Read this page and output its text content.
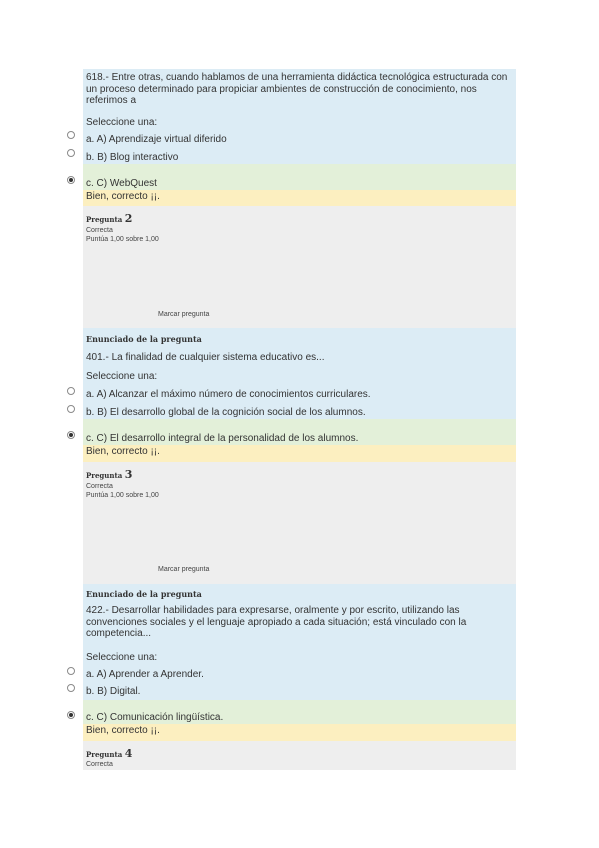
618.- Entre otras, cuando hablamos de una herramienta didáctica tecnológica estructurada con un proceso determinado para propiciar ambientes de construcción de conocimiento, nos referimos a

Seleccione una:
a. A) Aprendizaje virtual diferido
b. B) Blog interactivo
c. C) WebQuest
Bien, correcto ¡¡.
Pregunta 2
Correcta
Puntúa 1,00 sobre 1,00
Marcar pregunta
Enunciado de la pregunta
401.- La finalidad de cualquier sistema educativo es...
Seleccione una:
a. A) Alcanzar el máximo número de conocimientos curriculares.
b. B) El desarrollo global de la cognición social de los alumnos.
c. C) El desarrollo integral de la personalidad de los alumnos.
Bien, correcto ¡¡.
Pregunta 3
Correcta
Puntúa 1,00 sobre 1,00
Marcar pregunta
Enunciado de la pregunta

422.- Desarrollar habilidades para expresarse, oralmente y por escrito, utilizando las convenciones sociales y el lenguaje apropiado a cada situación; está vinculado con la competencia...

Seleccione una:
a. A) Aprender a Aprender.
b. B) Digital.
c. C) Comunicación lingüística.
Bien, correcto ¡¡.
Pregunta 4
Correcta
